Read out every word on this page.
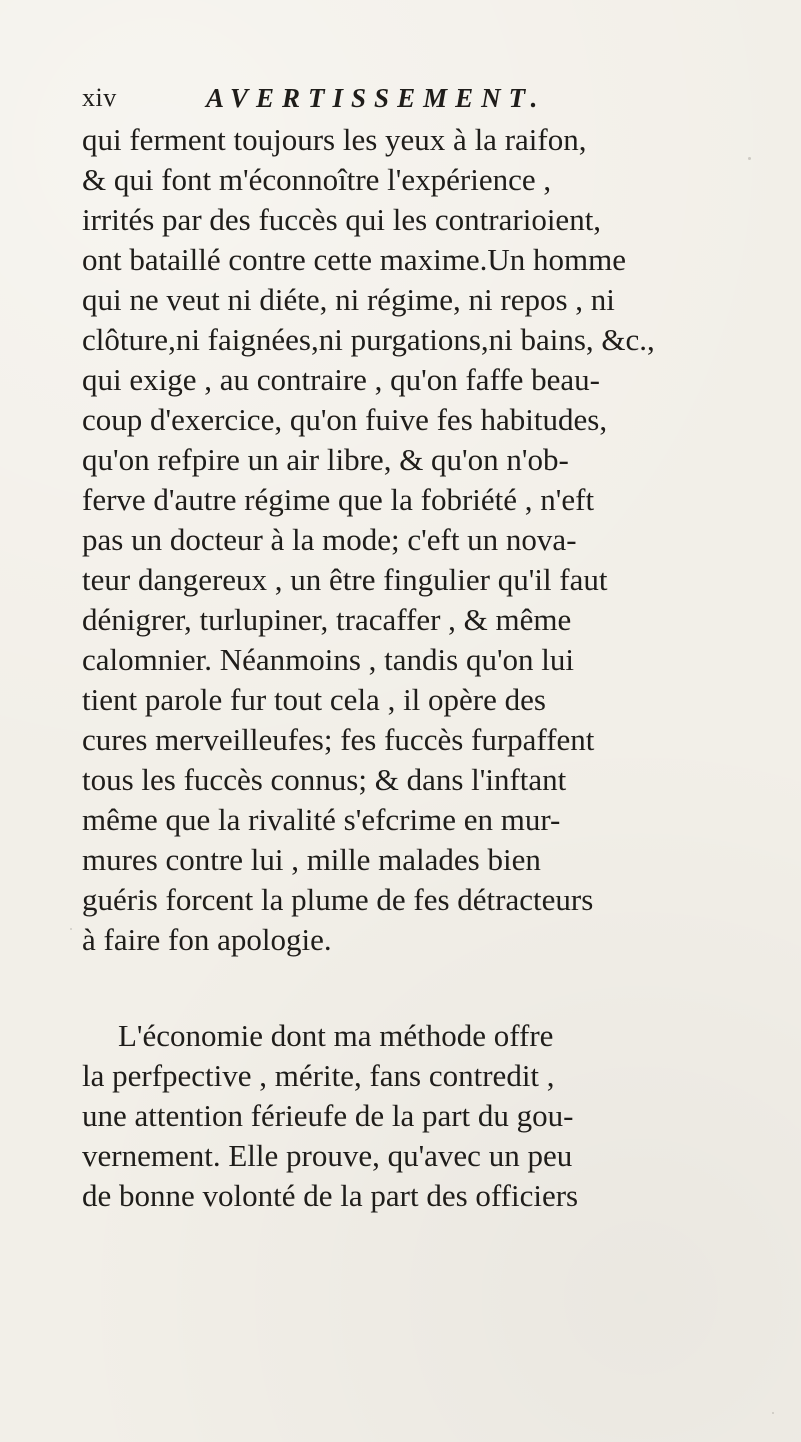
xiv	AVERTISSEMENT.
qui ferment toujours les yeux à la raifon,
& qui font m'éconnoître l'expérience ,
irrités par des fuccès qui les contrarioient,
ont bataillé contre cette maxime.Un homme
qui ne veut ni diéte, ni régime, ni repos , ni
clôture,ni faignées,ni purgations,ni bains, &c.,
qui exige , au contraire , qu'on faffe beau-
coup d'exercice, qu'on fuive fes habitudes,
qu'on refpire un air libre, & qu'on n'ob-
ferve d'autre régime que la fobriété , n'eft
pas un docteur à la mode; c'eft un nova-
teur dangereux , un être fingulier qu'il faut
dénigrer, turlupiner, tracaffer , & même
calomnier. Néanmoins , tandis qu'on lui
tient parole fur tout cela , il opère des
cures merveilleufes; fes fuccès furpaffent
tous les fuccès connus; & dans l'inftant
même que la rivalité s'efcrime en mur-
mures contre lui , mille malades bien
guéris forcent la plume de fes détracteurs
à faire fon apologie.
L'économie dont ma méthode offre
la perfpective , mérite, fans contredit ,
une attention férieufe de la part du gou-
vernement. Elle prouve, qu'avec un peu
de bonne volonté de la part des officiers
